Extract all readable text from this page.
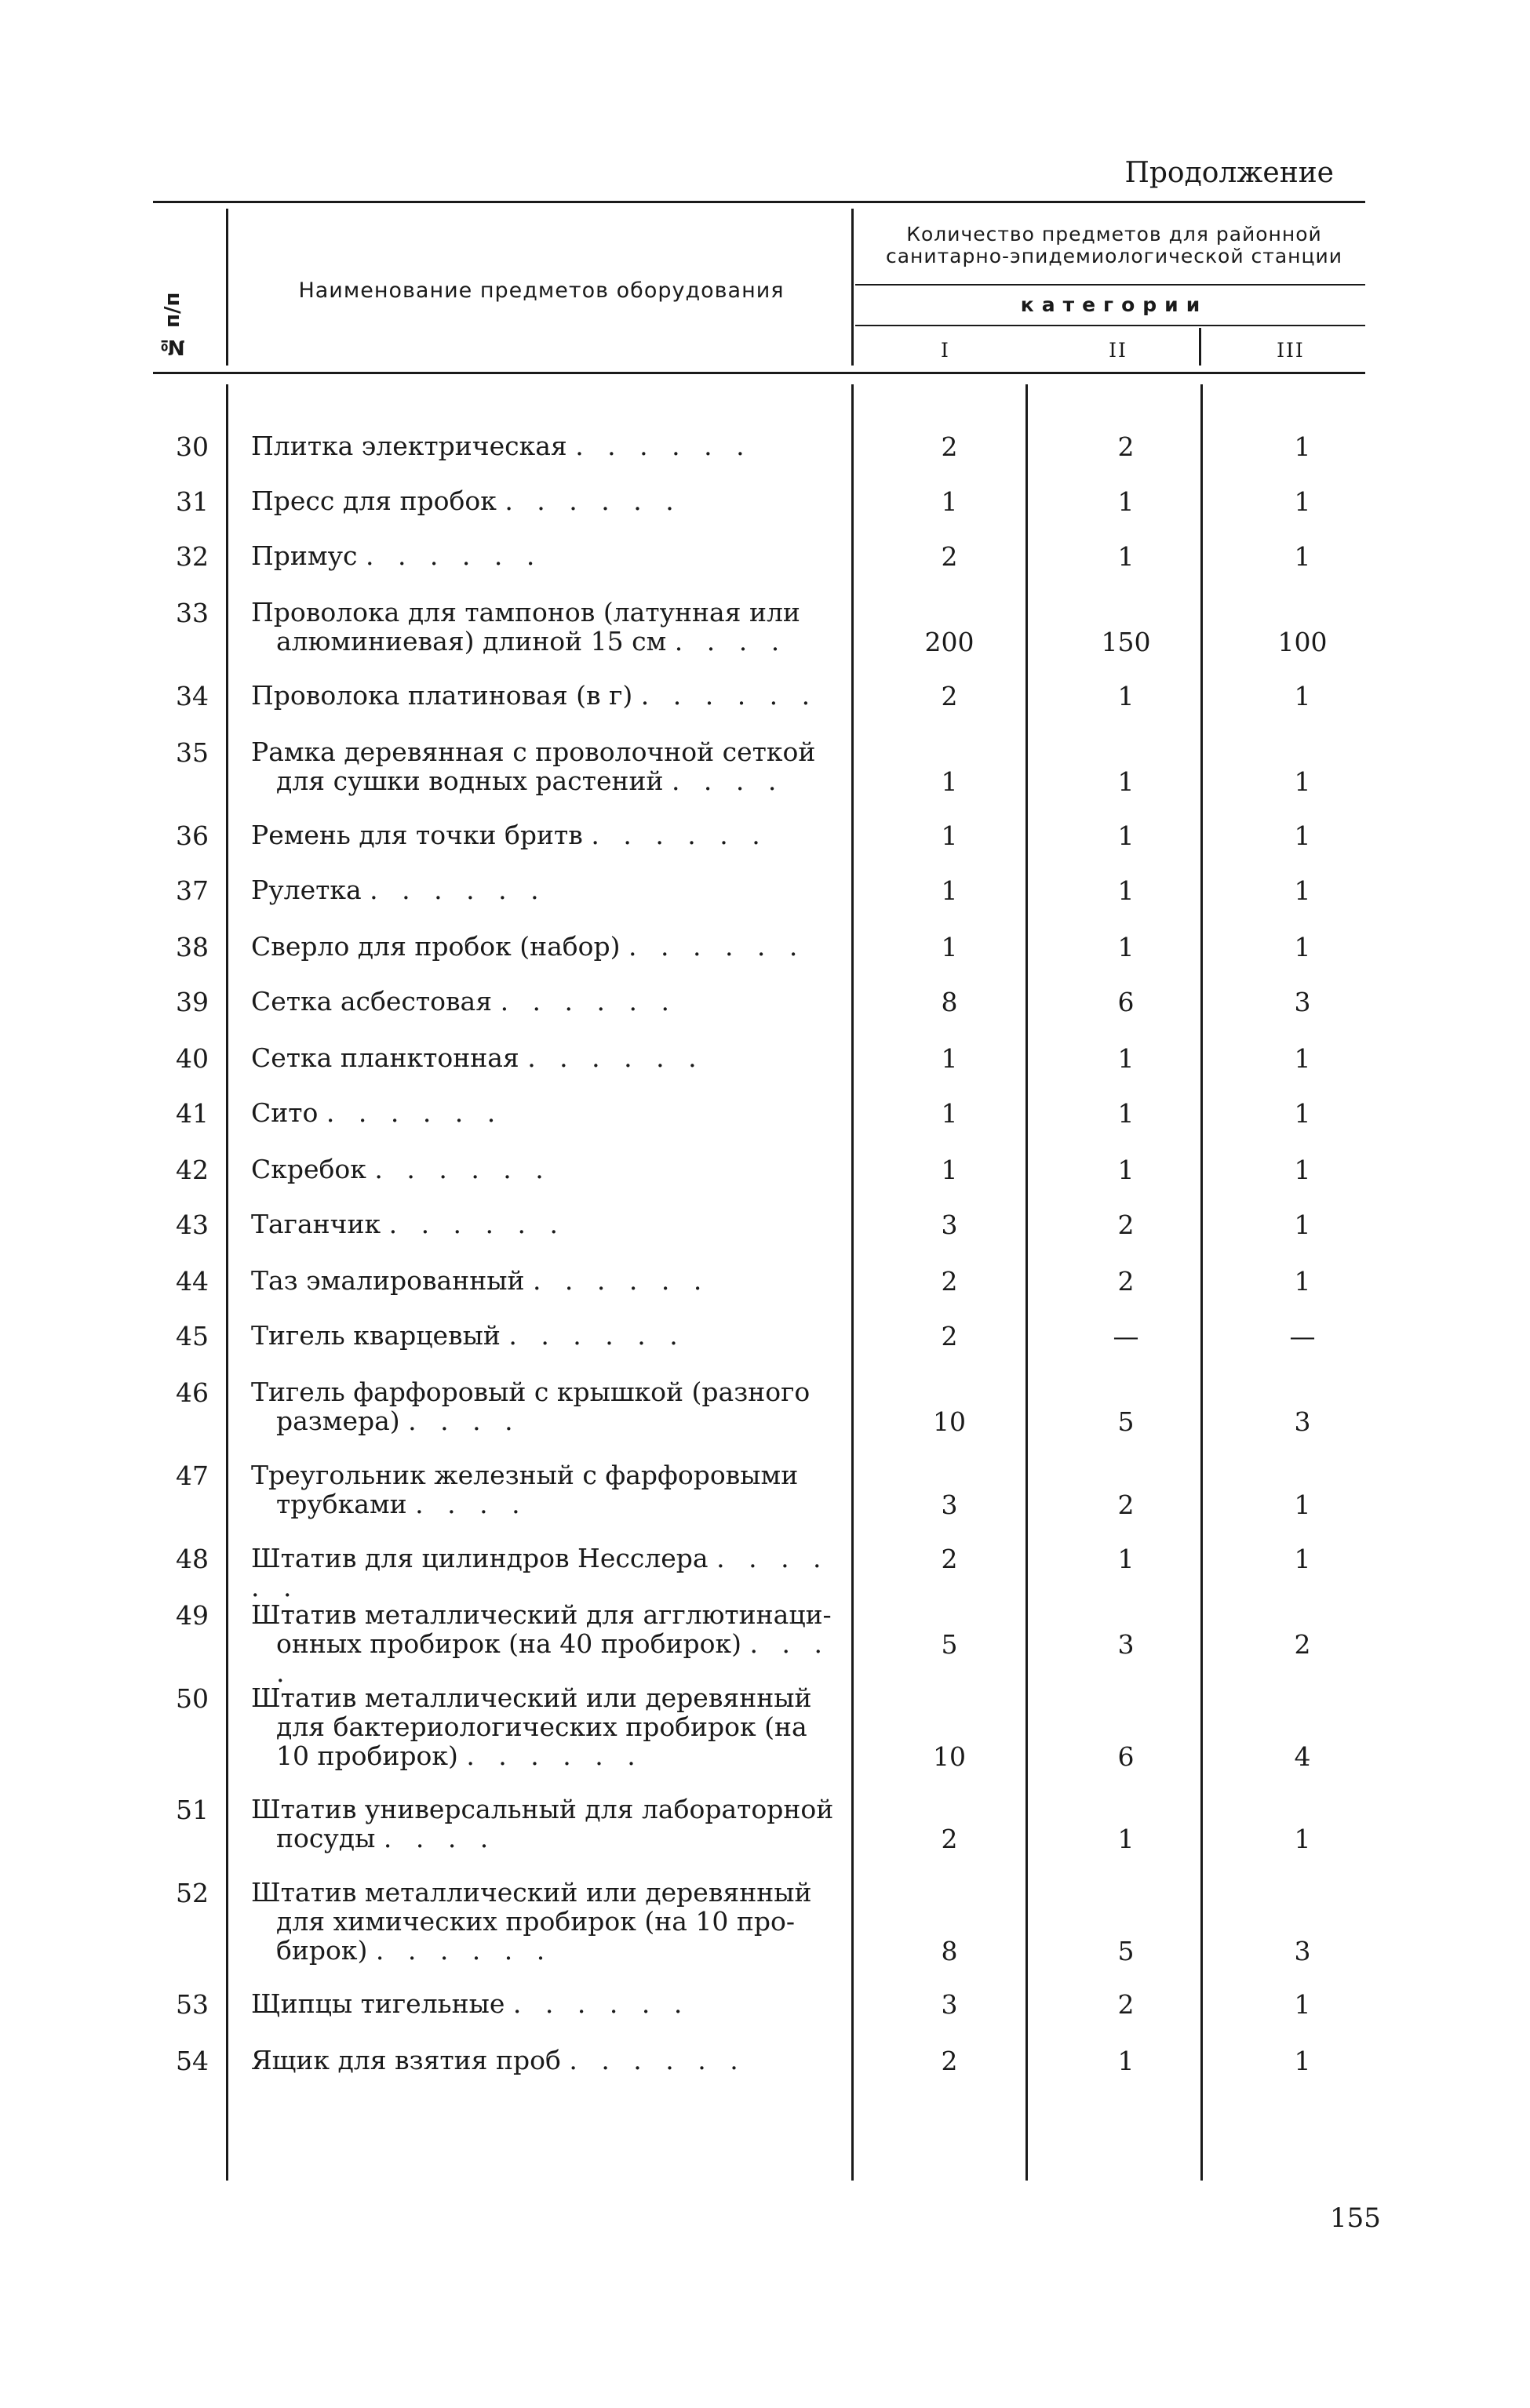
Продолжение
№ п/п
Наименование предметов оборудования
Количество предметов для районной
санитарно-эпидемиологической станции
категории
I	II	III
30 Плитка электрическая . . . . . .	2	2	1
31 Пресс для пробок . . . . . .	1	1	1
32 Примус . . . . . .	2	1	1
33 Проволока для тампонов (латунная или
алюминиевая) длиной 15 см . . . .	200	150	100
34 Проволока платиновая (в г) . . . . . .	2	1	1
35 Рамка деревянная с проволочной сеткой
для сушки водных растений . . . .	1	1	1
36 Ремень для точки бритв . . . . . .	1	1	1
37 Рулетка . . . . . .	1	1	1
38 Сверло для пробок (набор) . . . . . .	1	1	1
39 Сетка асбестовая . . . . . .	8	6	3
40 Сетка планктонная . . . . . .	1	1	1
41 Сито . . . . . .	1	1	1
42 Скребок . . . . . .	1	1	1
43 Таганчик . . . . . .	3	2	1
44 Таз эмалированный . . . . . .	2	2	1
45 Тигель кварцевый . . . . . .	2	—	—
46 Тигель фарфоровый с крышкой (разного
размера) . . . .	10	5	3
47 Треугольник железный с фарфоровыми
трубками . . . .	3	2	1
48 Штатив для цилиндров Несслера . . . . . .
2	1	1
49 Штатив металлический для агглютинаци-
онных пробирок (на 40 пробирок) . . . .
5	3	2
50 Штатив металлический или деревянный
для бактериологических пробирок (на
10 пробирок) . . . . . .	10	6	4
51 Штатив универсальный для лабораторной
посуды . . . .	2	1	1
52 Штатив металлический или деревянный
для химических пробирок (на 10 про-
бирок) . . . . . .	8	5	3
53 Щипцы тигельные . . . . . .	3	2	1
54 Ящик для взятия проб . . . . . .	2	1	1
155
